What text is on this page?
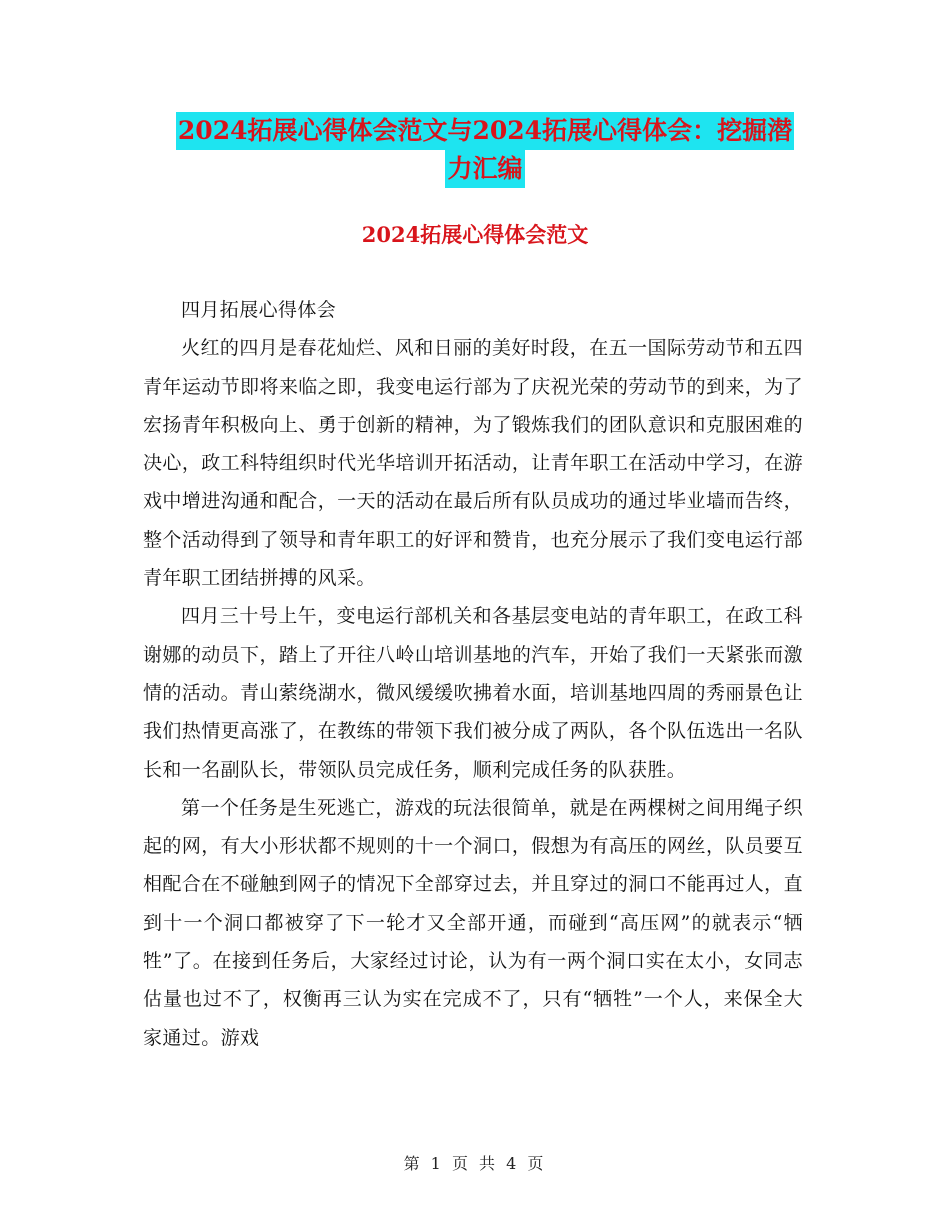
2024拓展心得体会范文与2024拓展心得体会：挖掘潜
力汇编
2024拓展心得体会范文

四月拓展心得体会

火红的四月是春花灿烂、风和日丽的美好时段，在五一国际劳动节和五四青年运动节即将来临之即，我变电运行部为了庆祝光荣的劳动节的到来，为了宏扬青年积极向上、勇于创新的精神，为了锻炼我们的团队意识和克服困难的决心，政工科特组织时代光华培训开拓活动，让青年职工在活动中学习，在游戏中增进沟通和配合，一天的活动在最后所有队员成功的通过毕业墙而告终，整个活动得到了领导和青年职工的好评和赞肯，也充分展示了我们变电运行部青年职工团结拼搏的风采。

四月三十号上午，变电运行部机关和各基层变电站的青年职工，在政工科谢娜的动员下，踏上了开往八岭山培训基地的汽车，开始了我们一天紧张而激情的活动。青山萦绕湖水，微风缓缓吹拂着水面，培训基地四周的秀丽景色让我们热情更高涨了，在教练的带领下我们被分成了两队，各个队伍选出一名队长和一名副队长，带领队员完成任务，顺利完成任务的队获胜。

第一个任务是生死逃亡，游戏的玩法很简单，就是在两棵树之间用绳子织起的网，有大小形状都不规则的十一个洞口，假想为有高压的网丝，队员要互相配合在不碰触到网子的情况下全部穿过去，并且穿过的洞口不能再过人，直到十一个洞口都被穿了下一轮才又全部开通，而碰到“高压网”的就表示“牺牲”了。在接到任务后，大家经过讨论，认为有一两个洞口实在太小，女同志估量也过不了，权衡再三认为实在完成不了，只有“牺牲”一个人，来保全大家通过。游戏

第 1 页 共 4 页
